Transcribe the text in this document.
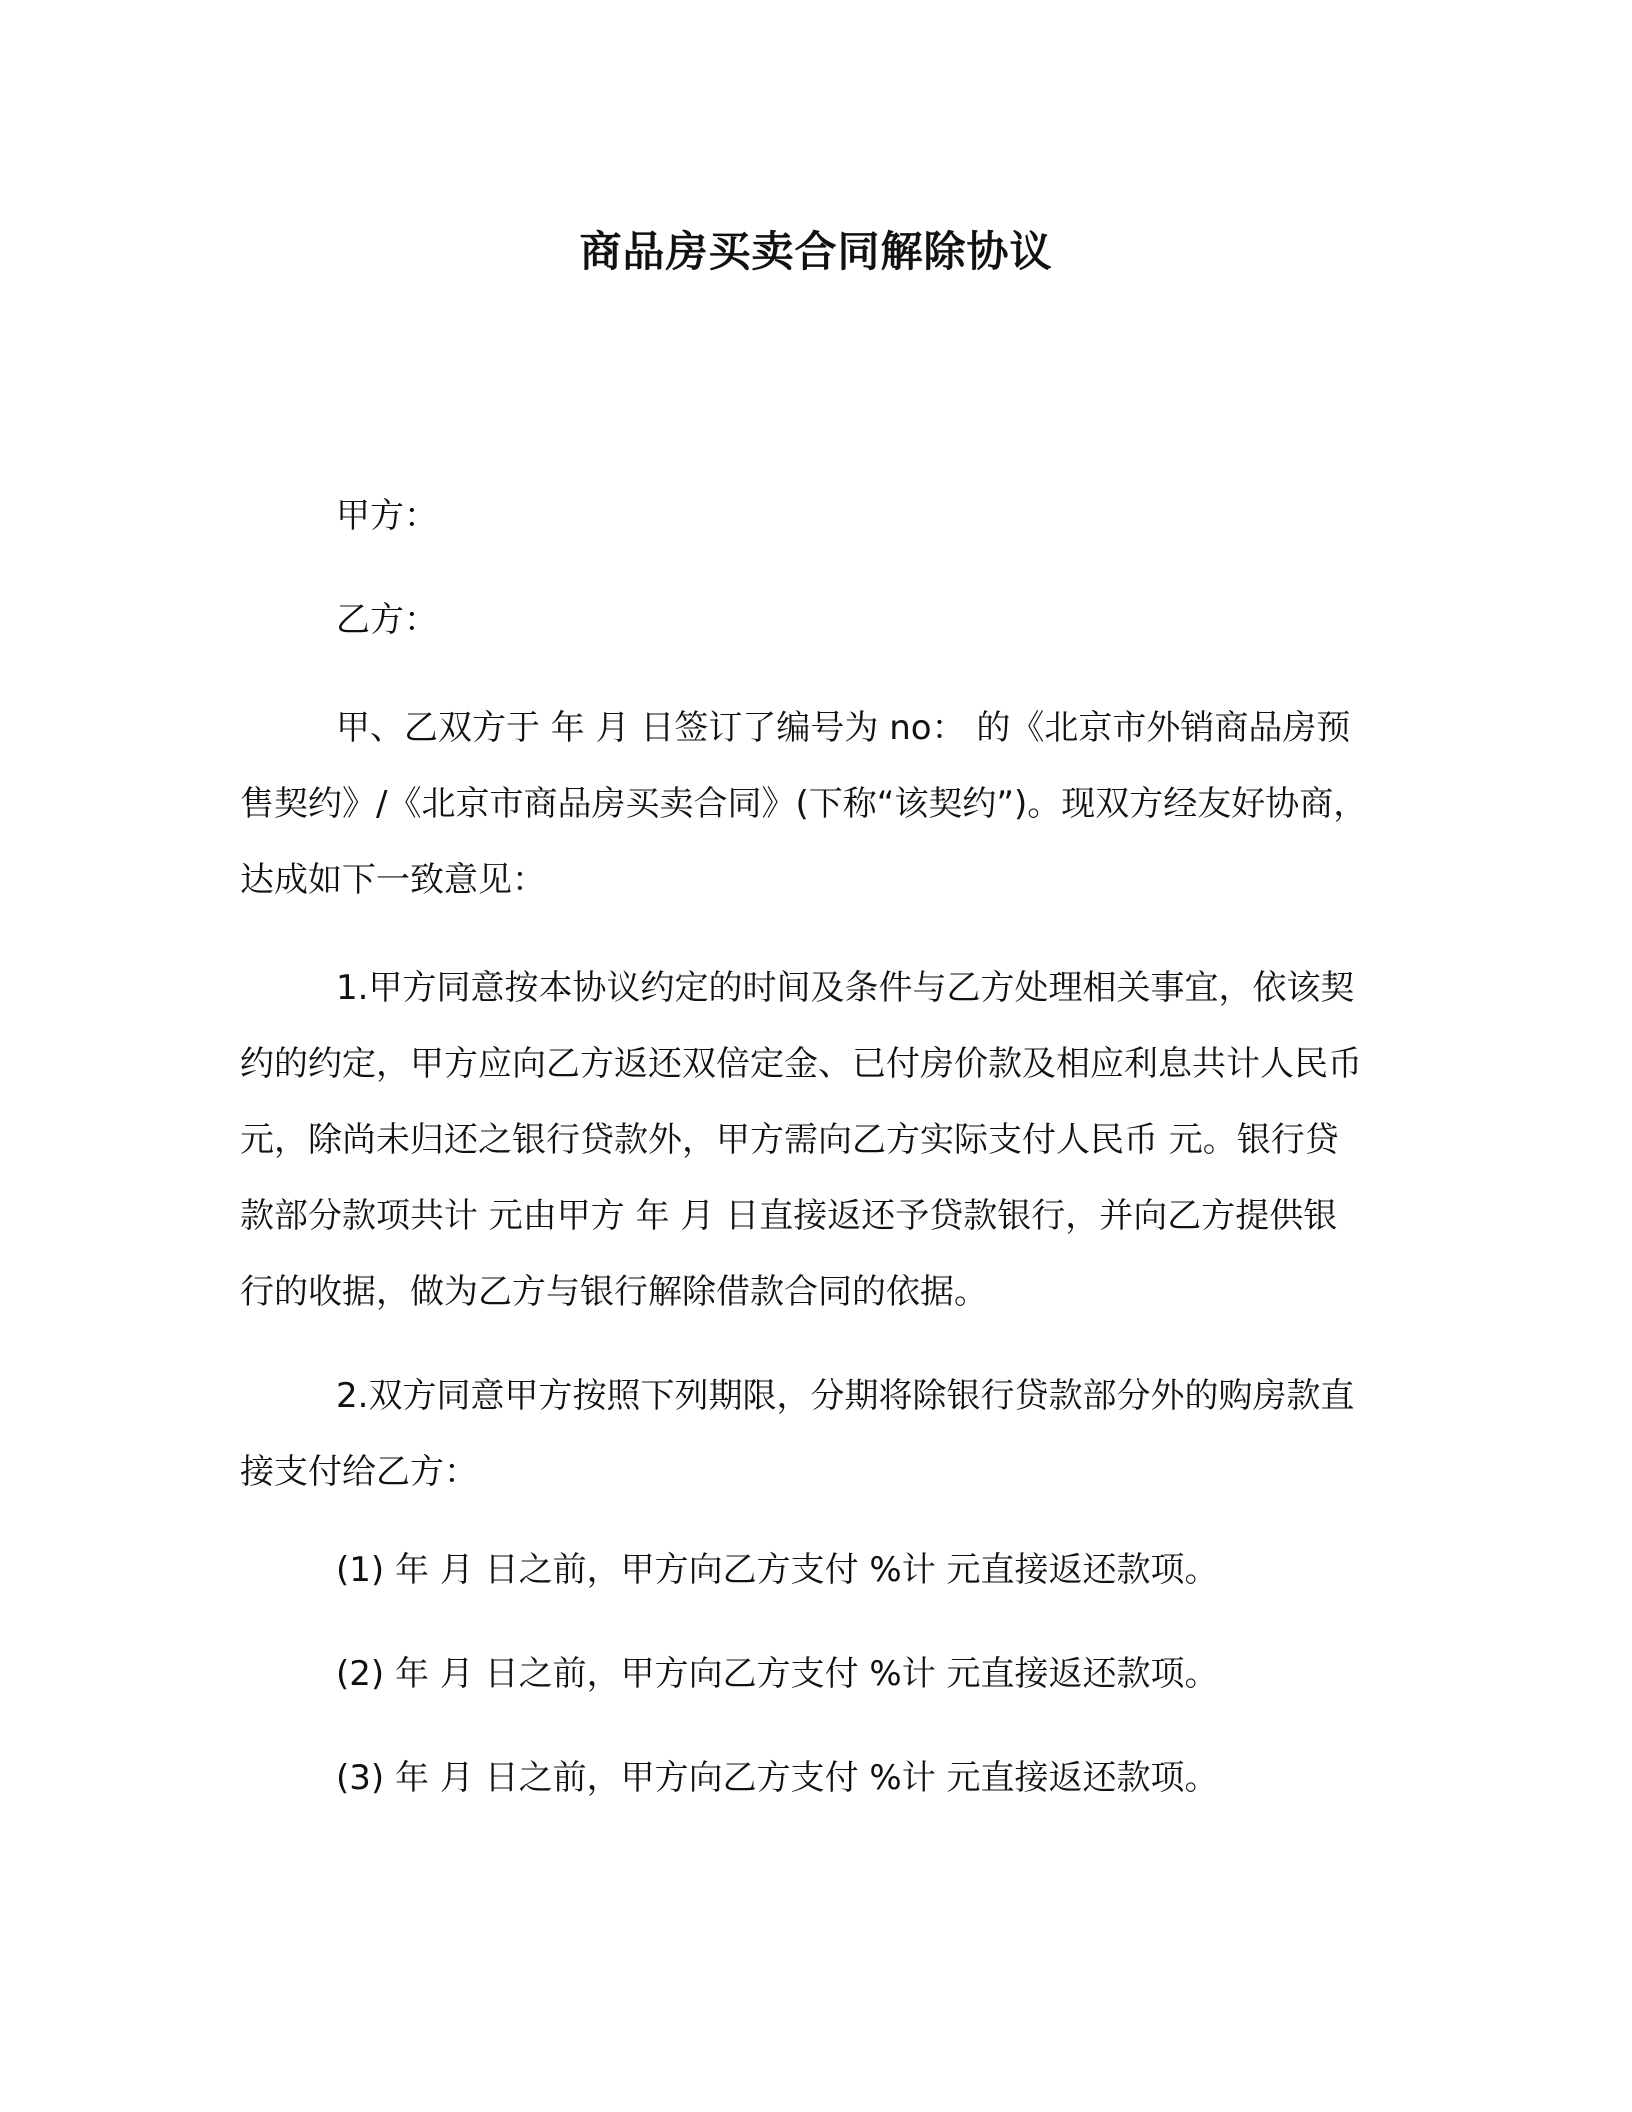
商品房买卖合同解除协议

甲方：

乙方：

甲、乙双方于 年 月 日签订了编号为 no： 的《北京市外销商品房预售契约》/《北京市商品房买卖合同》(下称“该契约”)。现双方经友好协商，达成如下一致意见：

1.甲方同意按本协议约定的时间及条件与乙方处理相关事宜，依该契约的约定，甲方应向乙方返还双倍定金、已付房价款及相应利息共计人民币 元，除尚未归还之银行贷款外，甲方需向乙方实际支付人民币 元。银行贷款部分款项共计 元由甲方 年 月 日直接返还予贷款银行，并向乙方提供银行的收据，做为乙方与银行解除借款合同的依据。

2.双方同意甲方按照下列期限，分期将除银行贷款部分外的购房款直接支付给乙方：

(1) 年 月 日之前，甲方向乙方支付 %计 元直接返还款项。

(2) 年 月 日之前，甲方向乙方支付 %计 元直接返还款项。

(3) 年 月 日之前，甲方向乙方支付 %计 元直接返还款项。
